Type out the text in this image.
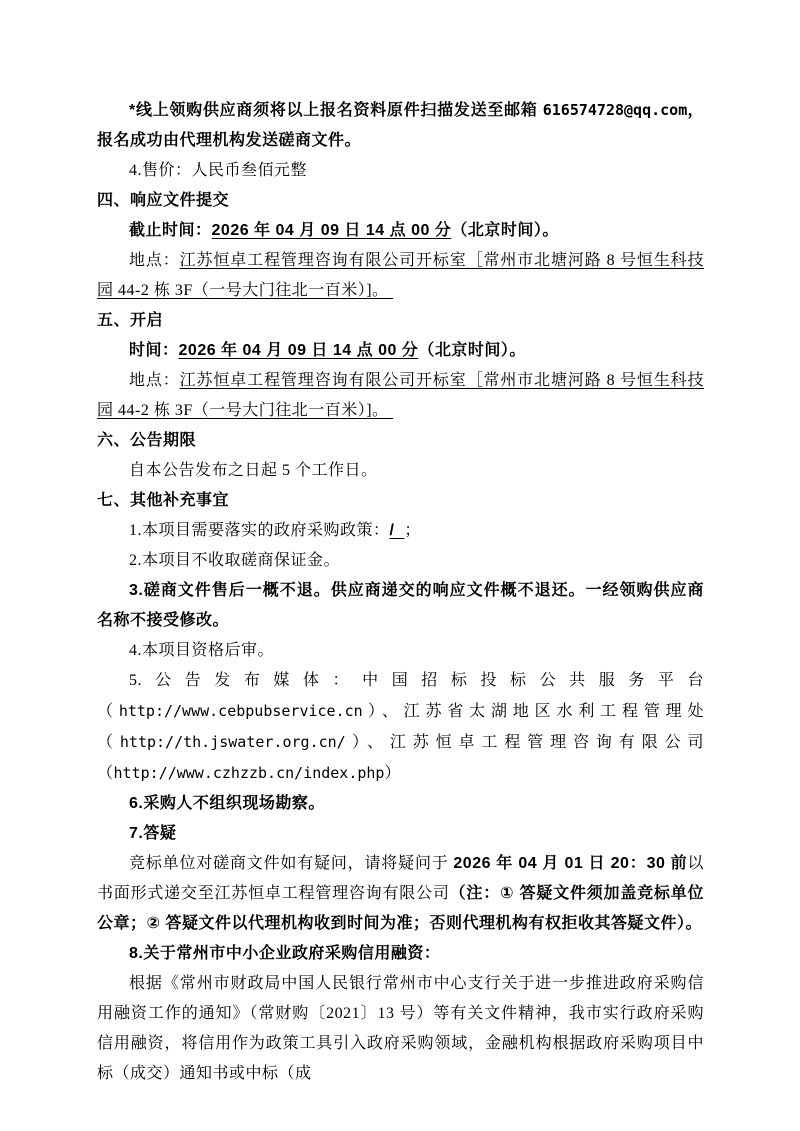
*线上领购供应商须将以上报名资料原件扫描发送至邮箱 616574728@qq.com，报名成功由代理机构发送磋商文件。

4.售价：人民币叁佰元整

四、响应文件提交

截止时间：2026 年 04 月 09 日 14 点 00 分（北京时间）。

地点：江苏恒卓工程管理咨询有限公司开标室［常州市北塘河路 8 号恒生科技园 44-2 栋 3F（一号大门往北一百米）]。

五、开启

时间：2026 年 04 月 09 日 14 点 00 分（北京时间）。

地点：江苏恒卓工程管理咨询有限公司开标室［常州市北塘河路 8 号恒生科技园 44-2 栋 3F（一号大门往北一百米）]。

六、公告期限

自本公告发布之日起 5 个工作日。

七、其他补充事宜

1.本项目需要落实的政府采购政策：/  ；

2.本项目不收取磋商保证金。

3.磋商文件售后一概不退。供应商递交的响应文件概不退还。一经领购供应商名称不接受修改。

4.本项目资格后审。

5.公告发布媒体：中国招标投标公共服务平台（http://www.cebpubservice.cn）、江苏省太湖地区水利工程管理处（http://th.jswater.org.cn/）、江苏恒卓工程管理咨询有限公司（http://www.czhzzb.cn/index.php）

6.采购人不组织现场勘察。

7.答疑

竞标单位对磋商文件如有疑问，请将疑问于 2026 年 04 月 01 日 20：30 前以书面形式递交至江苏恒卓工程管理咨询有限公司（注：① 答疑文件须加盖竞标单位公章；② 答疑文件以代理机构收到时间为准；否则代理机构有权拒收其答疑文件）。

8.关于常州市中小企业政府采购信用融资：

根据《常州市财政局中国人民银行常州市中心支行关于进一步推进政府采购信用融资工作的通知》（常财购〔2021〕13 号）等有关文件精神，我市实行政府采购信用融资，将信用作为政策工具引入政府采购领域，金融机构根据政府采购项目中标（成交）通知书或中标（成
